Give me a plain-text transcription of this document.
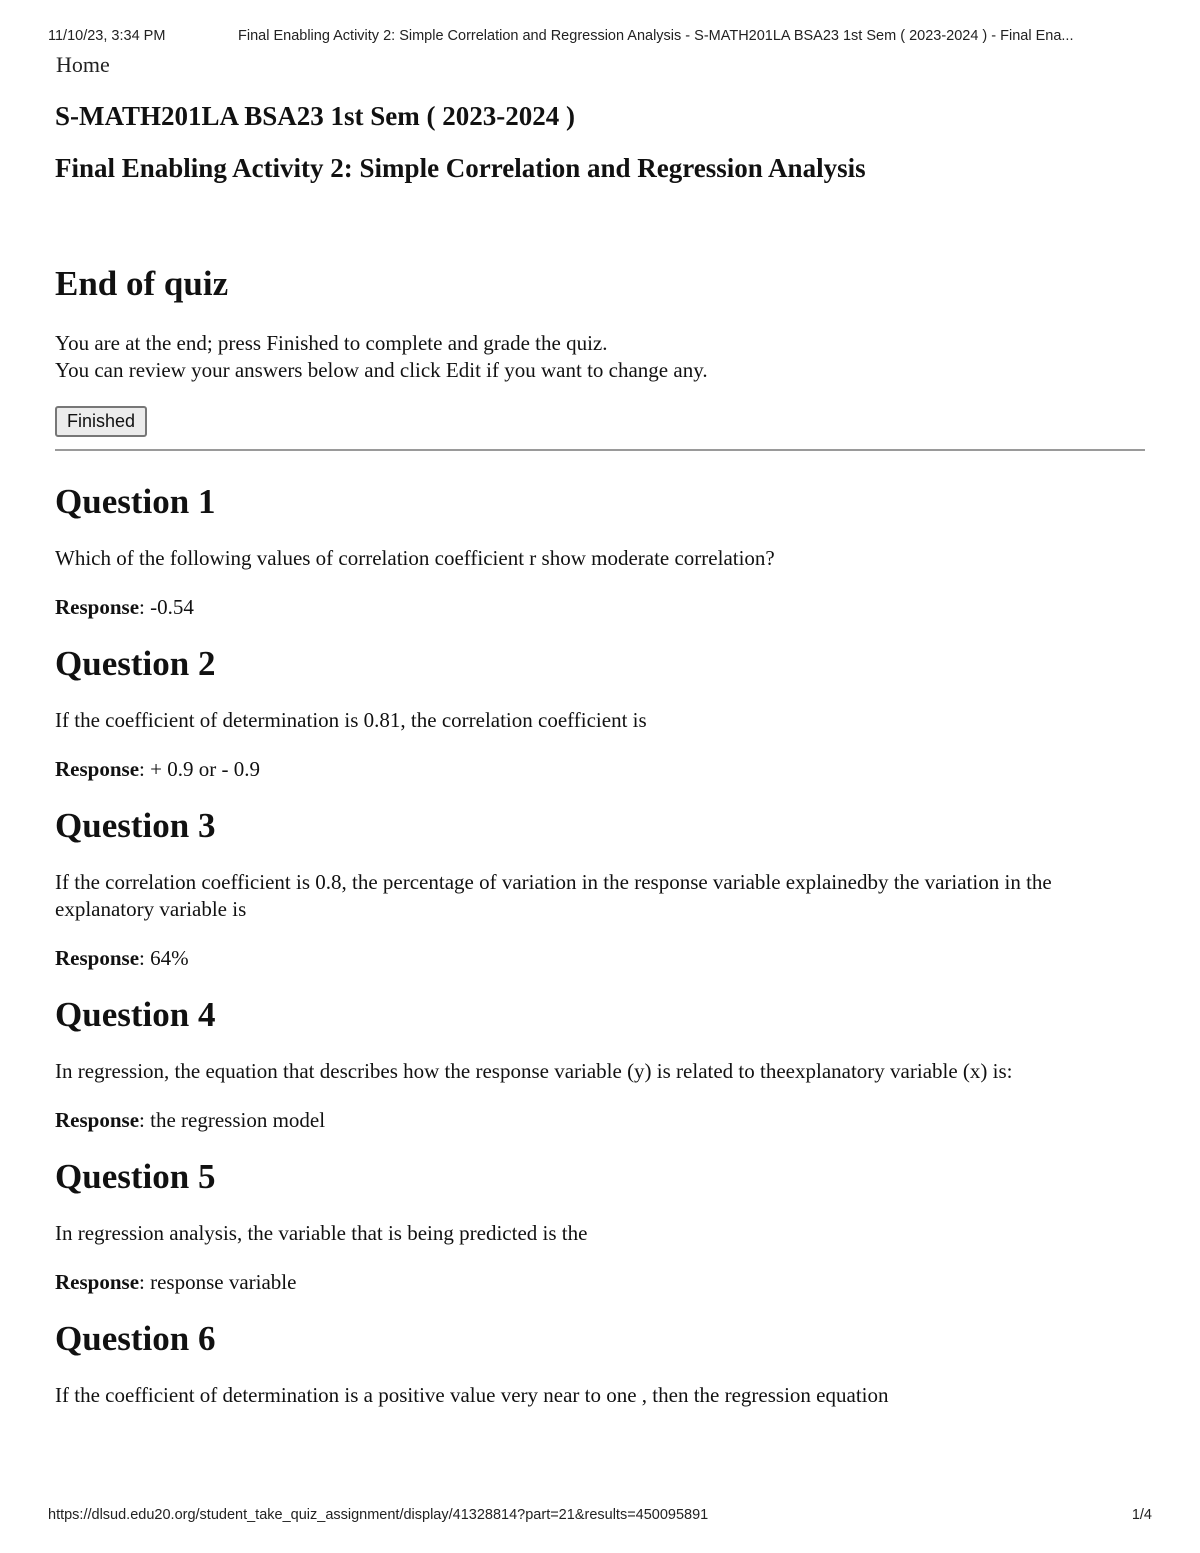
11/10/23, 3:34 PM	Final Enabling Activity 2: Simple Correlation and Regression Analysis - S-MATH201LA BSA23 1st Sem ( 2023-2024 ) - Final Ena...
Home
S-MATH201LA BSA23 1st Sem ( 2023-2024 )
Final Enabling Activity 2: Simple Correlation and Regression Analysis
End of quiz
You are at the end; press Finished to complete and grade the quiz.
You can review your answers below and click Edit if you want to change any.
Finished
Question 1
Which of the following values of correlation coefficient r show moderate correlation?
Response: -0.54
Question 2
If the coefficient of determination is 0.81, the correlation coefficient is
Response: + 0.9 or - 0.9
Question 3
If the correlation coefficient is 0.8, the percentage of variation in the response variable explainedby the variation in the explanatory variable is
Response: 64%
Question 4
In regression, the equation that describes how the response variable (y) is related to theexplanatory variable (x) is:
Response: the regression model
Question 5
In regression analysis, the variable that is being predicted is the
Response: response variable
Question 6
If the coefficient of determination is a positive value very near to one , then the regression equation
https://dlsud.edu20.org/student_take_quiz_assignment/display/41328814?part=21&results=450095891	1/4
